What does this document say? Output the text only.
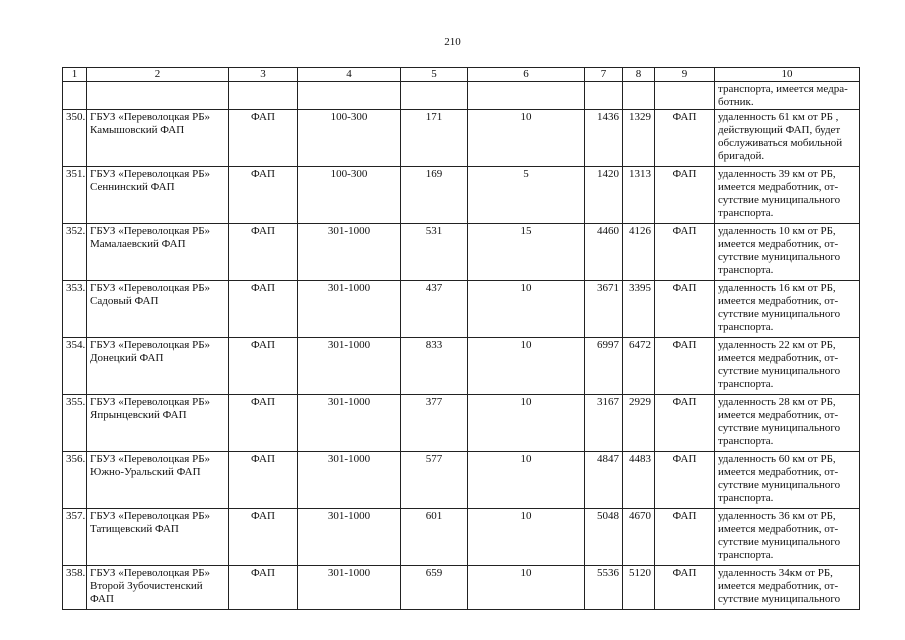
210
1	2	3	4	5	6	7	8	9	10
									транспорта, имеется медра-
ботник.
350.	ГБУЗ «Переволоцкая РБ»
Камышовский ФАП	ФАП	100-300	171	10	1436	1329	ФАП	удаленность 61 км от РБ ,
действующий ФАП, будет
обслуживаться мобильной
бригадой.
351.	ГБУЗ «Переволоцкая РБ»
Сеннинский ФАП	ФАП	100-300	169	5	1420	1313	ФАП	удаленность 39 км от РБ,
имеется медработник, от-
сутствие муниципального
транспорта.
352.	ГБУЗ «Переволоцкая РБ»
Мамалаевский ФАП	ФАП	301-1000	531	15	4460	4126	ФАП	удаленность 10 км от РБ,
имеется медработник, от-
сутствие муниципального
транспорта.
353.	ГБУЗ «Переволоцкая РБ»
Садовый ФАП	ФАП	301-1000	437	10	3671	3395	ФАП	удаленность 16 км от РБ,
имеется медработник, от-
сутствие муниципального
транспорта.
354.	ГБУЗ «Переволоцкая РБ»
Донецкий ФАП	ФАП	301-1000	833	10	6997	6472	ФАП	удаленность 22 км от РБ,
имеется медработник, от-
сутствие муниципального
транспорта.
355.	ГБУЗ «Переволоцкая РБ»
Япрынцевский ФАП	ФАП	301-1000	377	10	3167	2929	ФАП	удаленность 28 км от РБ,
имеется медработник, от-
сутствие муниципального
транспорта.
356.	ГБУЗ «Переволоцкая РБ»
Южно-Уральский ФАП	ФАП	301-1000	577	10	4847	4483	ФАП	удаленность 60 км от РБ,
имеется медработник, от-
сутствие муниципального
транспорта.
357.	ГБУЗ «Переволоцкая РБ»
Татищевский ФАП	ФАП	301-1000	601	10	5048	4670	ФАП	удаленность 36 км от РБ,
имеется медработник, от-
сутствие муниципального
транспорта.
358.	ГБУЗ «Переволоцкая РБ»
Второй Зубочистенский
ФАП	ФАП	301-1000	659	10	5536	5120	ФАП	удаленность 34км от РБ,
имеется медработник, от-
сутствие муниципального
